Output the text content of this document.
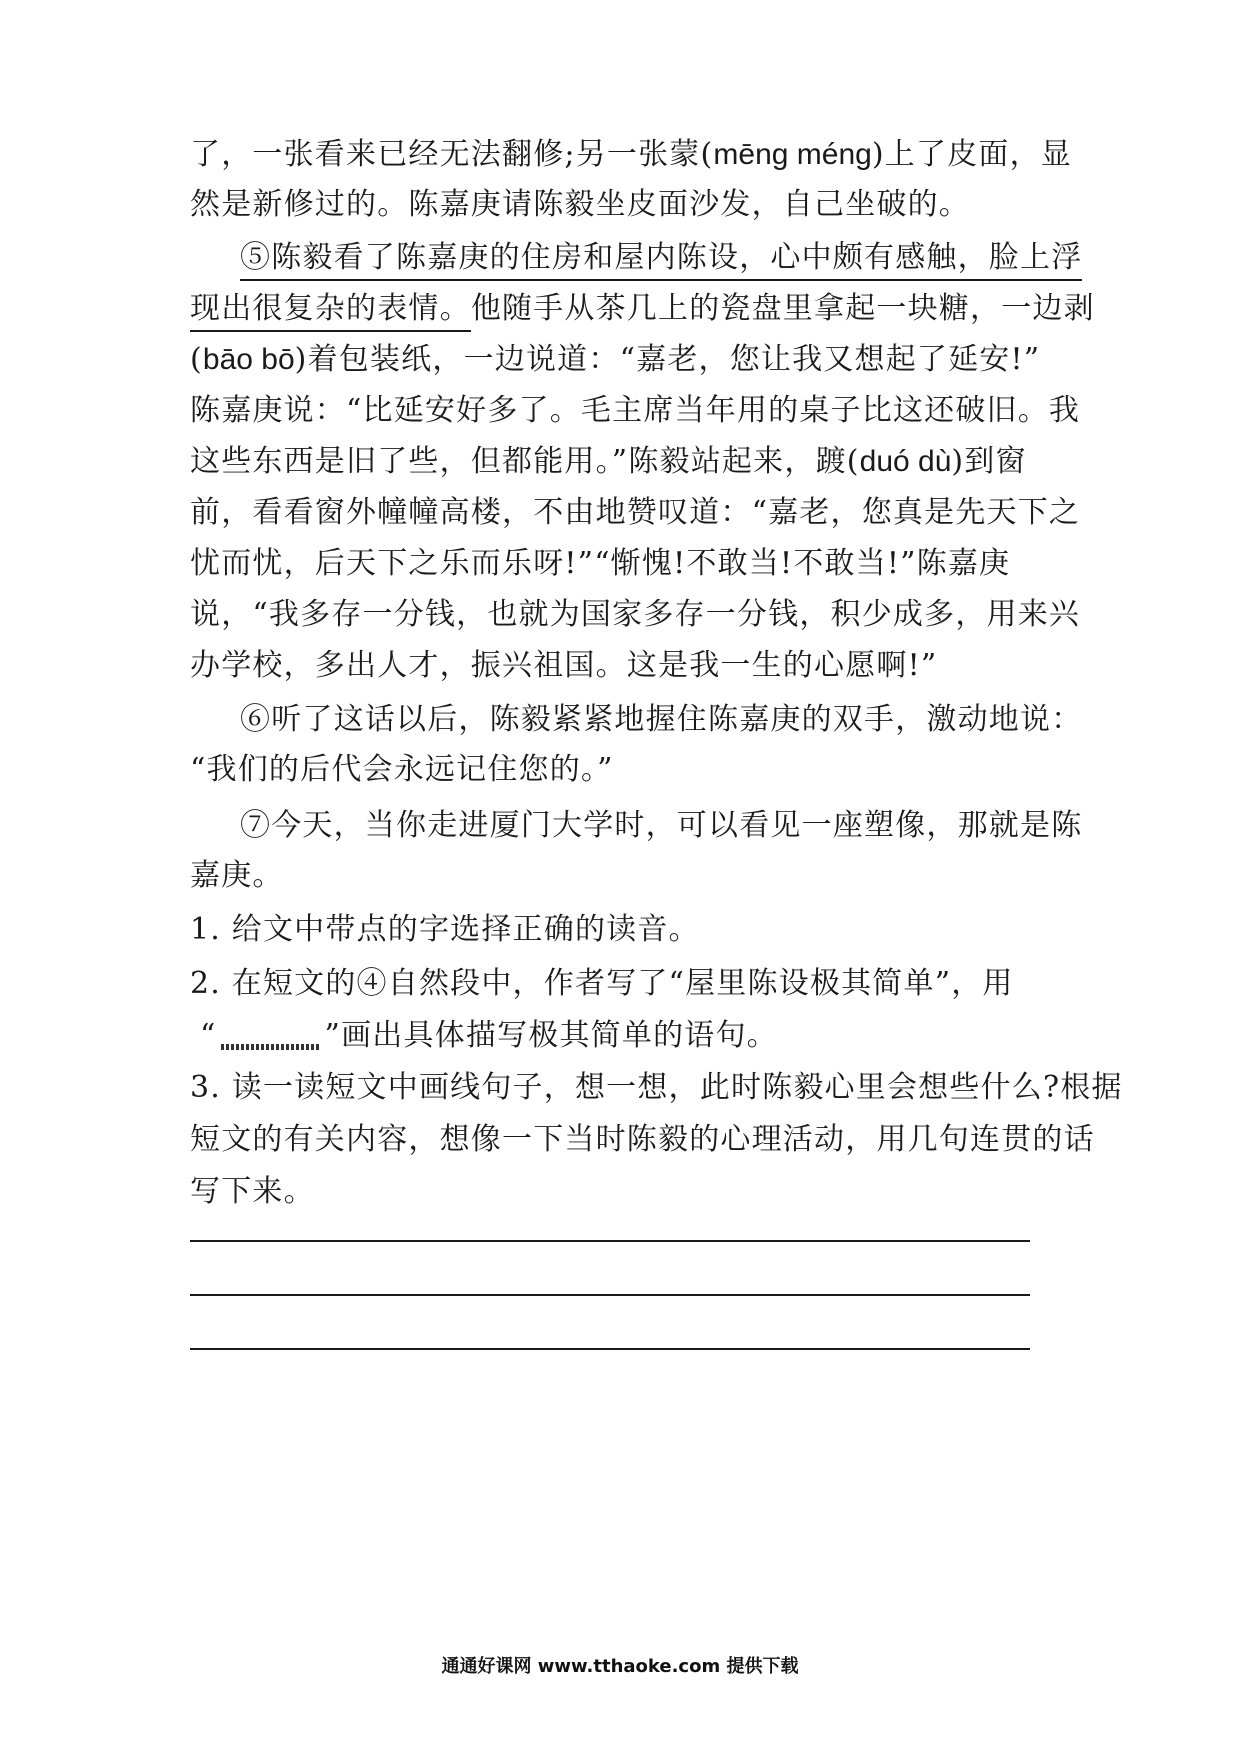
了，一张看来已经无法翻修;另一张蒙(mēng méng)上了皮面，显
然是新修过的。陈嘉庚请陈毅坐皮面沙发，自己坐破的。
⑤陈毅看了陈嘉庚的住房和屋内陈设，心中颇有感触，脸上浮
现出很复杂的表情。他随手从茶几上的瓷盘里拿起一块糖，一边剥
(bāo bō)着包装纸，一边说道：“嘉老，您让我又想起了延安!”
陈嘉庚说：“比延安好多了。毛主席当年用的桌子比这还破旧。我
这些东西是旧了些，但都能用。”陈毅站起来，踱(duó dù)到窗
前，看看窗外幢幢高楼，不由地赞叹道：“嘉老，您真是先天下之
忧而忧，后天下之乐而乐呀!”“惭愧!不敢当!不敢当!”陈嘉庚
说，“我多存一分钱，也就为国家多存一分钱，积少成多，用来兴
办学校，多出人才，振兴祖国。这是我一生的心愿啊!”
⑥听了这话以后，陈毅紧紧地握住陈嘉庚的双手，激动地说：
“我们的后代会永远记住您的。”
⑦今天，当你走进厦门大学时，可以看见一座塑像，那就是陈
嘉庚。
1. 给文中带点的字选择正确的读音。
2. 在短文的④自然段中，作者写了“屋里陈设极其简单”，用
“	”画出具体描写极其简单的语句。
3. 读一读短文中画线句子，想一想，此时陈毅心里会想些什么?根据
短文的有关内容，想像一下当时陈毅的心理活动，用几句连贯的话
写下来。
通通好课网 www.tthaoke.com 提供下载
